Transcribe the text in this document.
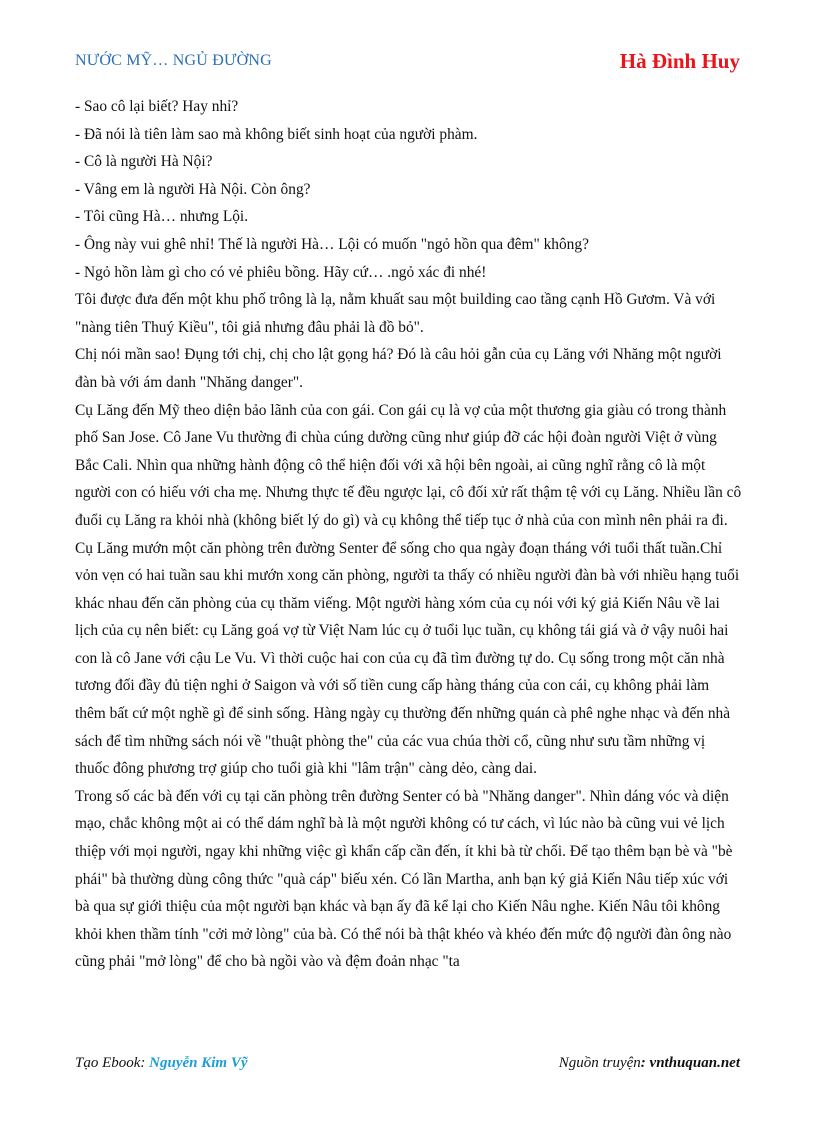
NƯỚC MỸ… NGỦ ĐƯỜNG	Hà Đình Huy

- Sao cô lại biết? Hay nhỉ?

- Đã nói là tiên làm sao mà không biết sinh hoạt của người phàm.

- Cô là người Hà Nội?

- Vâng em là người Hà Nội. Còn ông?

- Tôi cũng Hà… nhưng Lội.

- Ông này vui ghê nhỉ! Thế là người Hà… Lội có muốn "ngỏ hồn qua đêm" không?

- Ngỏ hồn làm gì cho có vẻ phiêu bồng. Hãy cứ… .ngỏ xác đi nhé!

Tôi được đưa đến một khu phố trông là lạ, nằm khuất sau một building cao tầng cạnh Hồ Gươm. Và với "nàng tiên Thuý Kiều", tôi giả nhưng đâu phải là đồ bỏ".

Chị nói mần sao! Đụng tới chị, chị cho lật gọng há? Đó là câu hỏi gẫn của cụ Lăng với Nhăng một người đàn bà với ám danh "Nhăng danger".

Cụ Lăng đến Mỹ theo diện bảo lãnh của con gái. Con gái cụ là vợ của một thương gia giàu có trong thành phố San Jose. Cô Jane Vu thường đi chùa cúng dường cũng như giúp đỡ các hội đoàn người Việt ở vùng Bắc Cali. Nhìn qua những hành động cô thể hiện đối với xã hội bên ngoài, ai cũng nghĩ rằng cô là một người con có hiếu với cha mẹ. Nhưng thực tế đều ngược lại, cô đối xử rất thậm tệ với cụ Lăng. Nhiều lần cô đuổi cụ Lăng ra khỏi nhà (không biết lý do gì) và cụ không thể tiếp tục ở nhà của con mình nên phải ra đi.

Cụ Lăng mướn một căn phòng trên đường Senter để sống cho qua ngày đoạn tháng với tuổi thất tuần.Chỉ vỏn vẹn có hai tuần sau khi mướn xong căn phòng, người ta thấy có nhiều người đàn bà với nhiều hạng tuổi khác nhau đến căn phòng của cụ thăm viếng. Một người hàng xóm của cụ nói với ký giả Kiến Nâu về lai lịch của cụ nên biết: cụ Lăng goá vợ từ Việt Nam lúc cụ ở tuổi lục tuần, cụ không tái giá và ở vậy nuôi hai con là cô Jane với cậu Le Vu. Vì thời cuộc hai con của cụ đã tìm đường tự do. Cụ sống trong một căn nhà tương đối đầy đủ tiện nghi ở Saigon và với số tiền cung cấp hàng tháng của con cái, cụ không phải làm thêm bất cứ một nghề gì để sinh sống. Hàng ngày cụ thường đến những quán cà phê nghe nhạc và đến nhà sách để tìm những sách nói về "thuật phòng the" của các vua chúa thời cổ, cũng như sưu tầm những vị thuốc đông phương trợ giúp cho tuổi già khi "lâm trận" càng dẻo, càng dai.

Trong số các bà đến với cụ tại căn phòng trên đường Senter có bà "Nhăng danger". Nhìn dáng vóc và diện mạo, chắc không một ai có thể dám nghĩ bà là một người không có tư cách, vì lúc nào bà cũng vui vẻ lịch thiệp với mọi người, ngay khi những việc gì khẩn cấp cần đến, ít khi bà từ chối. Để tạo thêm bạn bè và "bè phái" bà thường dùng công thức "quà cáp" biếu xén. Có lần Martha, anh bạn ký giả Kiến Nâu tiếp xúc với bà qua sự giới thiệu của một người bạn khác và bạn ấy đã kể lại cho Kiến Nâu nghe. Kiến Nâu tôi không khỏi khen thầm tính "cởi mở lòng" của bà. Có thể nói bà thật khéo và khéo đến mức độ người đàn ông nào cũng phải "mở lòng" để cho bà ngồi vào và đệm đoản nhạc "ta

Tạo Ebook: Nguyễn Kim Vỹ	Nguồn truyện: vnthuquan.net
